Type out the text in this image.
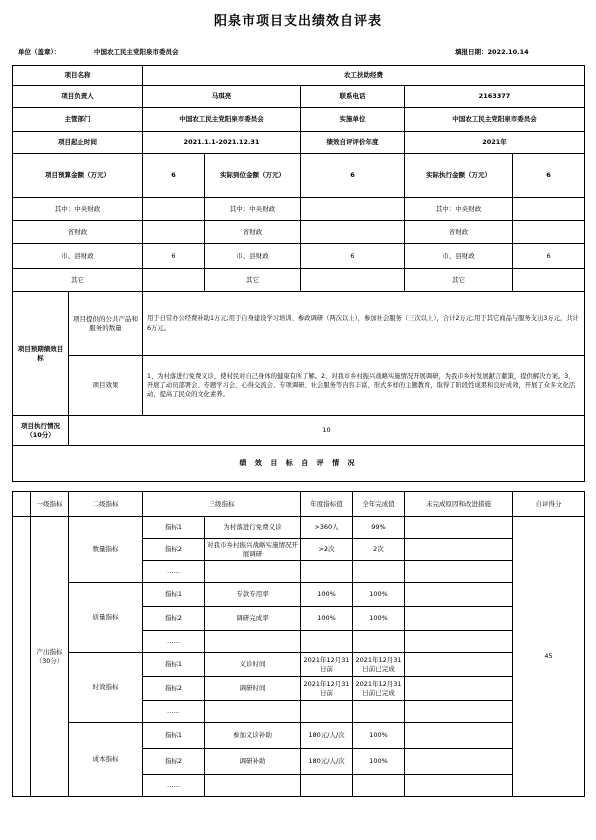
阳泉市项目支出绩效自评表
单位（盖章）：	中国农工民主党阳泉市委员会	填报日期：2022.10.14
项目名称		农工扶助经费				
项目负责人		马琪亮		联系电话	2163377	
主管部门		中国农工民主党阳泉市委员会		实施单位	中国农工民主党阳泉市委员会	
项目起止时间		2021.1.1-2021.12.31		绩效自评评价年度	2021年	
项目预算金额（万元）		6	实际到位金额（万元）	6	实际执行金额（万元）	6
其中：中央财政			其中：中央财政		其中：中央财政	
省财政			省财政		省财政	
市、县财政		6	市、县财政	6	市、县财政	6
其它			其它		其它	
项目预期绩效目标	项目提供的公共产品和服务的数量	用于日常办公经费补助1万元;用于自身建设学习培训、参政调研（两次以上），参加社会服务（三次以上），合计2万元;用于其它商品与服务支出3万元，共计6万元。				
	项目效果	1、为村落进行免费义诊，使村民对自己身体的健康有所了解。2、对我市乡村振兴战略实施情况开展调研，为我市乡村发展献言献策，提供解决方案。3、开展了动员部署会、专题学习会、心得交流会、专项调研、社会服务等内容丰富、形式多样的主题教育，取得了阶段性成果和良好成效，开展了众多文化活动，提高了民众的文化素养。				
项目执行情况（10分）	10					
绩 效 目 标 自 评 情 况						
	一级指标	二级指标	三级指标		年度指标值	全年完成值	未完成原因和改进措施	自评得分
	产出指标（30分）	数量指标	指标1	为村落进行免费义诊	>360人	99%		45
			指标2	对我市乡村振兴战略实施情况开展调研	>2次	2次		
			……					
		质量指标	指标1	专款专用率	100%	100%		
			指标2	调研完成率	100%	100%		
			……					
		时效指标	指标1	义诊时间	2021年12月31日前	2021年12月31日前已完成		
			指标2	调研时间	2021年12月31日前	2021年12月31日前已完成		
			……					
		成本指标	指标1	参加义诊补助	180元/人/次	100%		
			指标2	调研补助	180元/人/次	100%		
			……					
